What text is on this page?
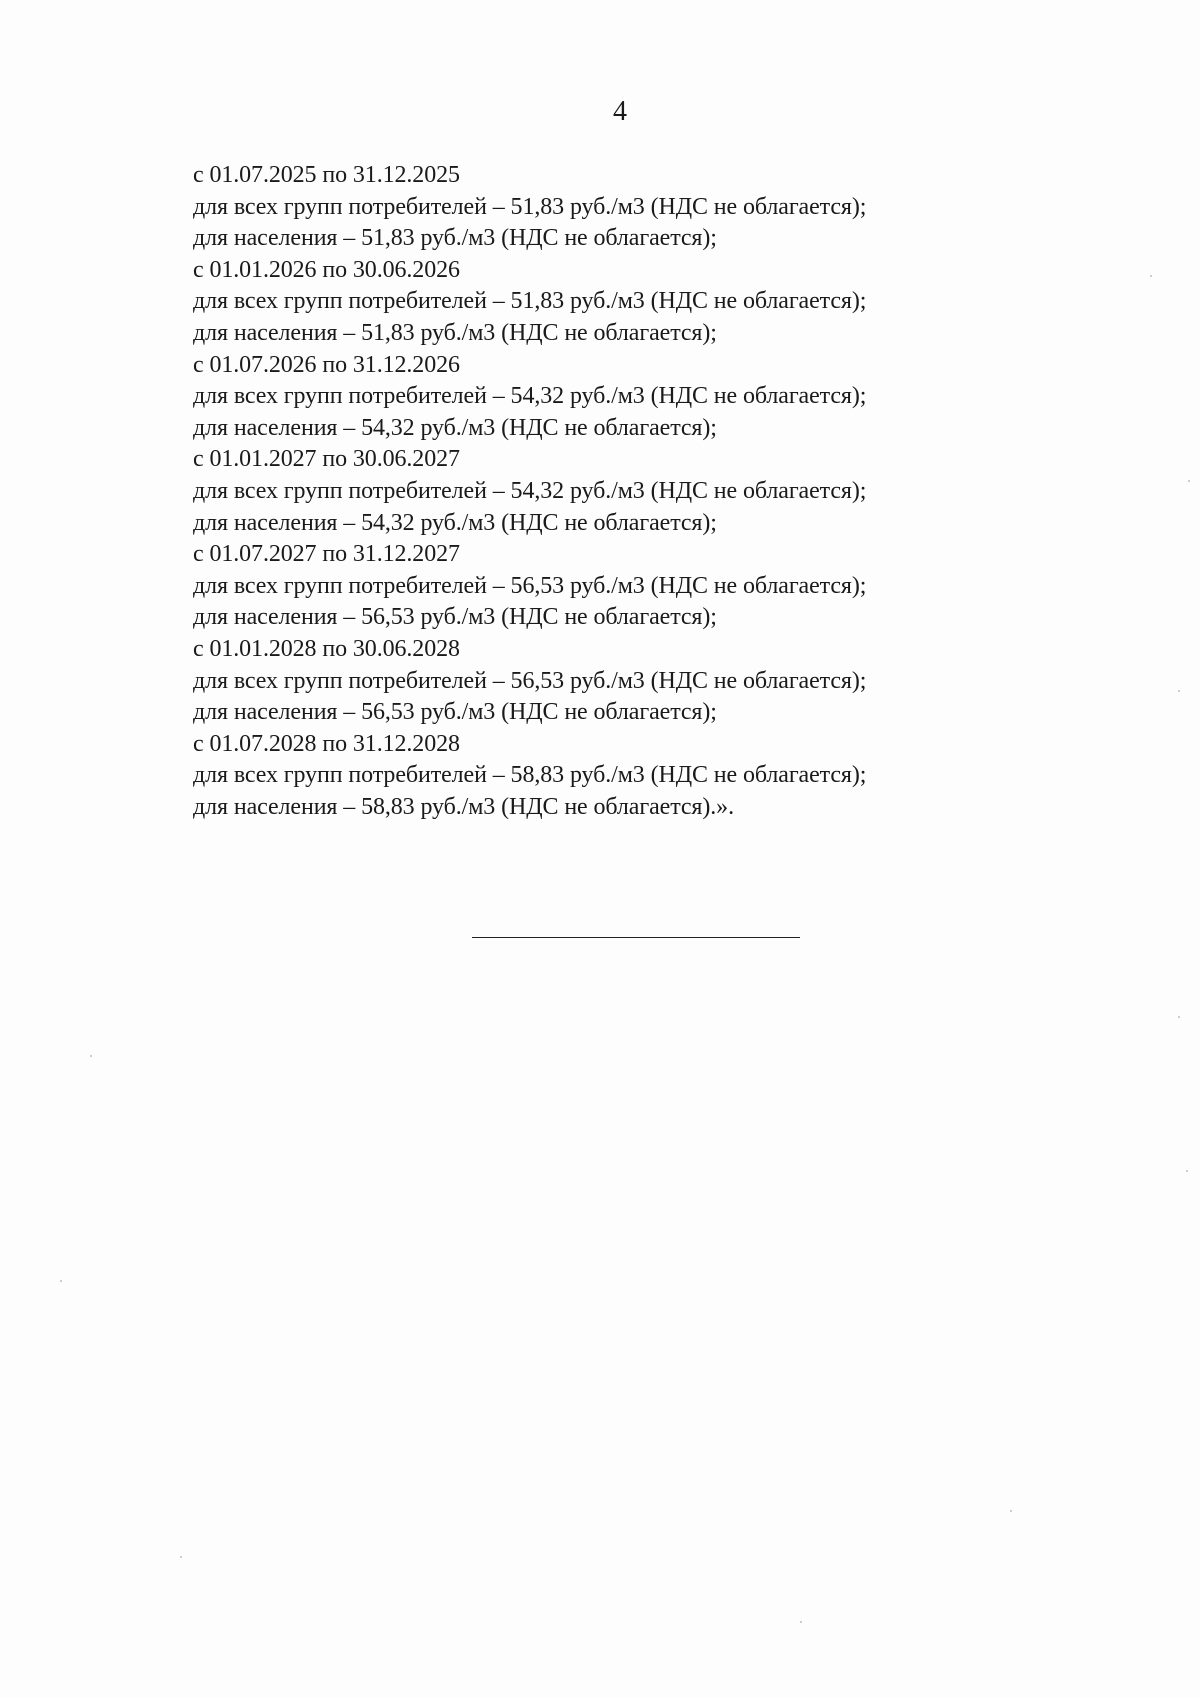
4

с 01.07.2025 по 31.12.2025

для всех групп потребителей – 51,83 руб./м3 (НДС не облагается);

для населения – 51,83 руб./м3 (НДС не облагается);

с 01.01.2026 по 30.06.2026

для всех групп потребителей – 51,83 руб./м3 (НДС не облагается);

для населения – 51,83 руб./м3 (НДС не облагается);

с 01.07.2026 по 31.12.2026

для всех групп потребителей – 54,32 руб./м3 (НДС не облагается);

для населения – 54,32 руб./м3 (НДС не облагается);

с 01.01.2027 по 30.06.2027

для всех групп потребителей – 54,32 руб./м3 (НДС не облагается);

для населения – 54,32 руб./м3 (НДС не облагается);

с 01.07.2027 по 31.12.2027

для всех групп потребителей – 56,53 руб./м3 (НДС не облагается);

для населения – 56,53 руб./м3 (НДС не облагается);

с 01.01.2028 по 30.06.2028

для всех групп потребителей – 56,53 руб./м3 (НДС не облагается);

для населения – 56,53 руб./м3 (НДС не облагается);

с 01.07.2028 по 31.12.2028

для всех групп потребителей – 58,83 руб./м3 (НДС не облагается);

для населения – 58,83 руб./м3 (НДС не облагается).».
